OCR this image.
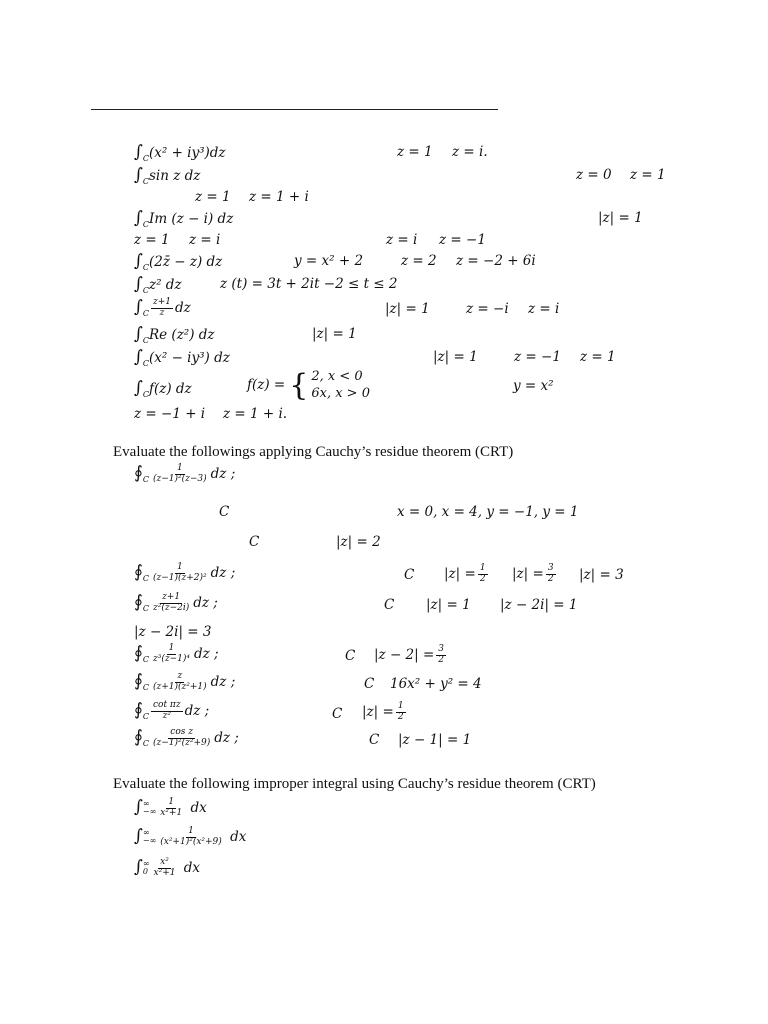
$\int_C(x^2 + iy^3)dz$	z = 1 z = i.
$\int_C\sin$ z dz	z = 0 z = 1
z = 1 z = 1 + i
$\int_CIm$ (z − i) dz	|z| = 1
z = 1 z = i	z = i z = −1
$\int_C(2z̄ - z)$ dz	y = x² + 2	z = 2 z = −2 + 6i
$\int_Cz^2$ dz	z (t) = 3t + 2it −2 ≤ t ≤ 2
$\int_C \frac{z+1}{z}$ dz	|z| = 1	z = −i z = i
$\int_CRe$ (z²) dz	|z| = 1
$\int_C(x^2 - iy^3)$ dz	|z| = 1	z = −1 z = 1
$\int_Cf(z)$ dz	f(z) = { 2, x < 0
6x, x > 0	y = x²
z = −1 + i z = 1 + i.
Evaluate the followings applying Cauchy’s residue theorem (CRT)
$∮_C \frac{1}{\text{(z−1)²(z−3)}}$ dz ;
C	x = 0, x = 4, y = −1, y = 1
C	|z| = 2
$∮_C \frac{1}{\text{(z−1)(z+2)²}}$ dz ;	C $|z| = \frac{1}{2} |z| = \frac{3}{2} |z| = 3$
$∮_C \frac{z+1}{\text{z²(z−2i)}}$ dz ;	C |z| = 1 |z − 2i| = 1
|z − 2i| = 3
$∮_C \frac{1}{\text{z³(z−1)⁴}}$ dz ;	C $|z - 2| = \frac{3}{2}$
$∮_C \frac{z}{\text{(z+1)(z²+1)}}$ dz ;	C 16x² + y² = 4
$∮_C \frac{\text{cot πz}}{\text{z²}}$ dz ;	C $|z| = \frac{1}{2}$
$∮_C \frac{\text{cos z}}{\text{(z−1)²(z²+9)}}$ dz ;	C |z − 1| = 1
Evaluate the following improper integral using Cauchy’s residue theorem (CRT)
∫ ∞
−∞ $\frac{1}{\text{x²+1}}$ dx
∫ ∞
−∞ $\frac{1}{\text{(x²+1)²(x²+9)}}$ dx
∫ ∞
$0 \frac{\text{x²}}{\text{x²+1}}$ dx
